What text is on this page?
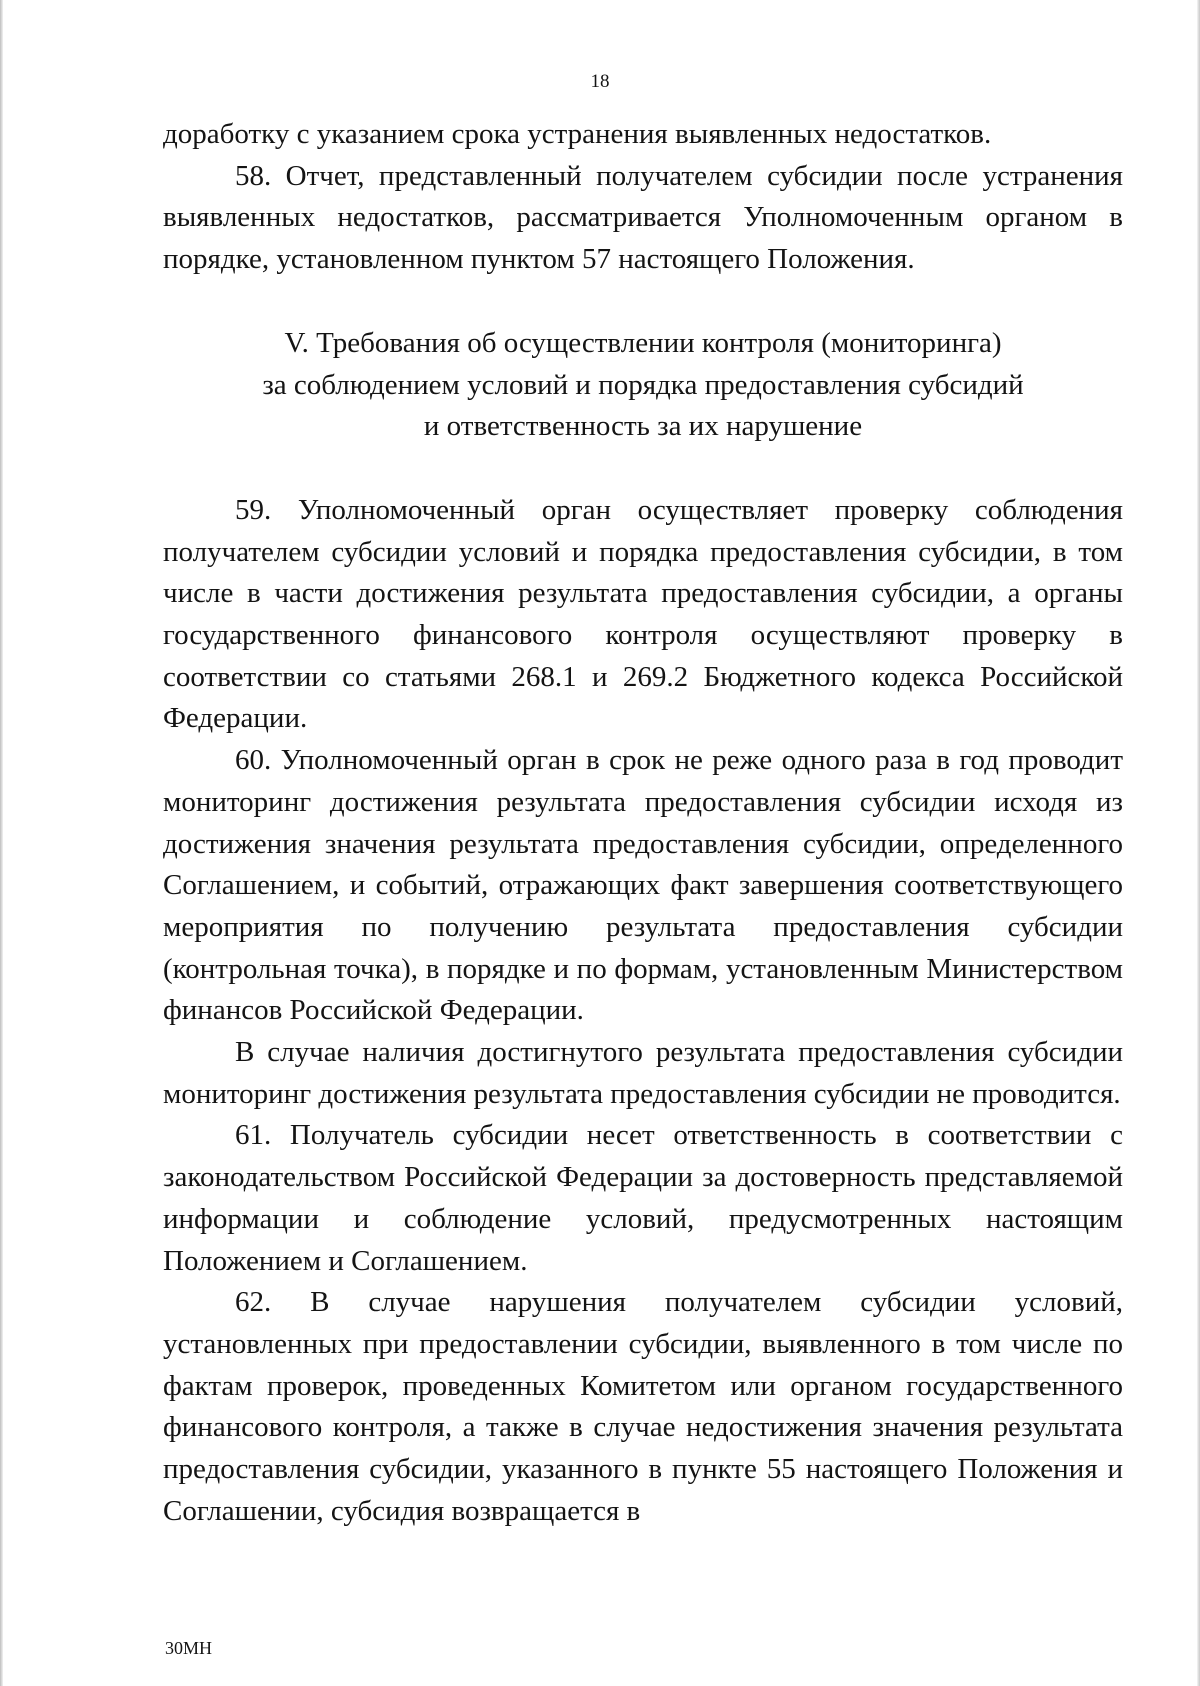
18

доработку с указанием срока устранения выявленных недостатков.

58. Отчет, представленный получателем субсидии после устранения выявленных недостатков, рассматривается Уполномоченным органом в порядке, установленном пунктом 57 настоящего Положения.

V. Требования об осуществлении контроля (мониторинга)
за соблюдением условий и порядка предоставления субсидий
и ответственность за их нарушение

59. Уполномоченный орган осуществляет проверку соблюдения получателем субсидии условий и порядка предоставления субсидии, в том числе в части достижения результата предоставления субсидии, а органы государственного финансового контроля осуществляют проверку в соответствии со статьями 268.1 и 269.2 Бюджетного кодекса Российской Федерации.

60. Уполномоченный орган в срок не реже одного раза в год проводит мониторинг достижения результата предоставления субсидии исходя из достижения значения результата предоставления субсидии, определенного Соглашением, и событий, отражающих факт завершения соответствующего мероприятия по получению результата предоставления субсидии (контрольная точка), в порядке и по формам, установленным Министерством финансов Российской Федерации.

В случае наличия достигнутого результата предоставления субсидии мониторинг достижения результата предоставления субсидии не проводится.

61. Получатель субсидии несет ответственность в соответствии с законодательством Российской Федерации за достоверность представляемой информации и соблюдение условий, предусмотренных настоящим Положением и Соглашением.

62. В случае нарушения получателем субсидии условий, установленных при предоставлении субсидии, выявленного в том числе по фактам проверок, проведенных Комитетом или органом государственного финансового контроля, а также в случае недостижения значения результата предоставления субсидии, указанного в пункте 55 настоящего Положения и Соглашении, субсидия возвращается в

30МН
